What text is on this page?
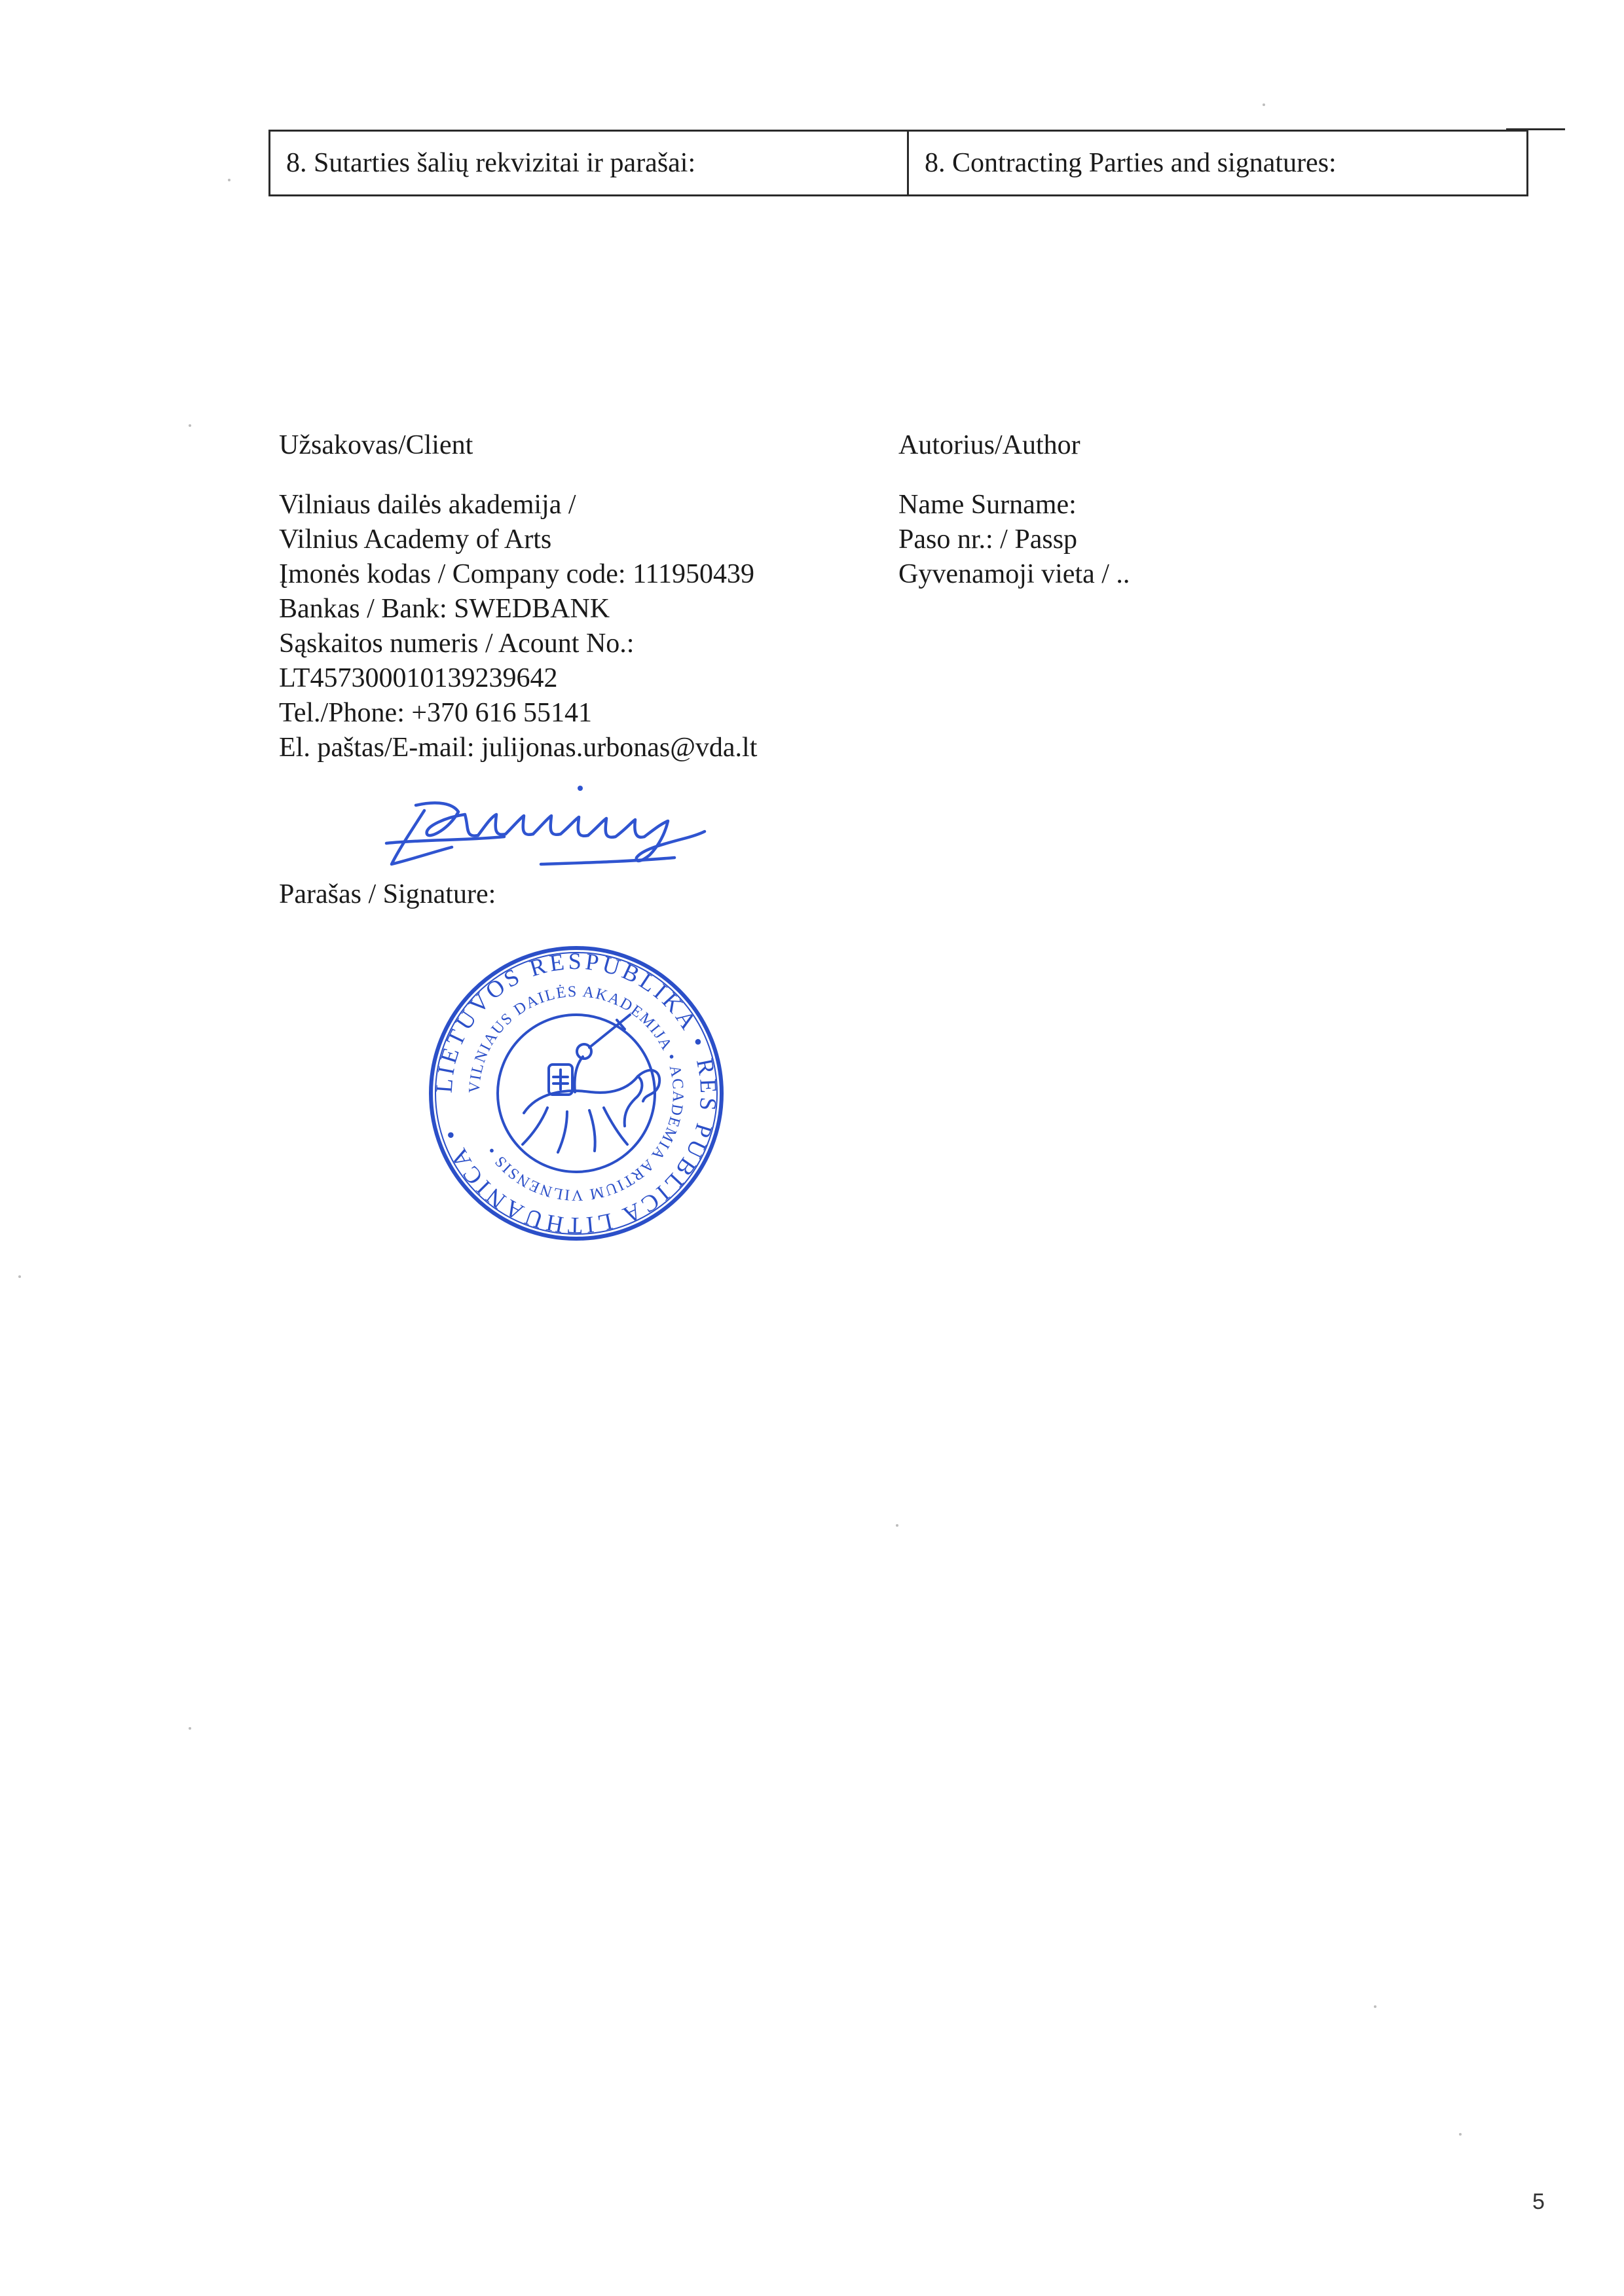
8. Sutarties šalių rekvizitai ir parašai:	8. Contracting Parties and signatures:
Užsakovas/Client
Vilniaus dailės akademija /
Vilnius Academy of Arts
Įmonės kodas / Company code: 111950439
Bankas / Bank: SWEDBANK
Sąskaitos numeris / Acount No.:
LT457300010139239642
Tel./Phone: +370 616 55141
El. paštas/E-mail: julijonas.urbonas@vda.lt
Autorius/Author
Name Surname:
Paso nr.: / Passp
Gyvenamoji vieta / ..
Parašas / Signature:
LIETUVOS RESPUBLIKA • RES PUBLICA LITHUANICA •
VILNIAUS DAILĖS AKADEMIJA • ACADEMIA ARTIUM VILNENSIS •
5
